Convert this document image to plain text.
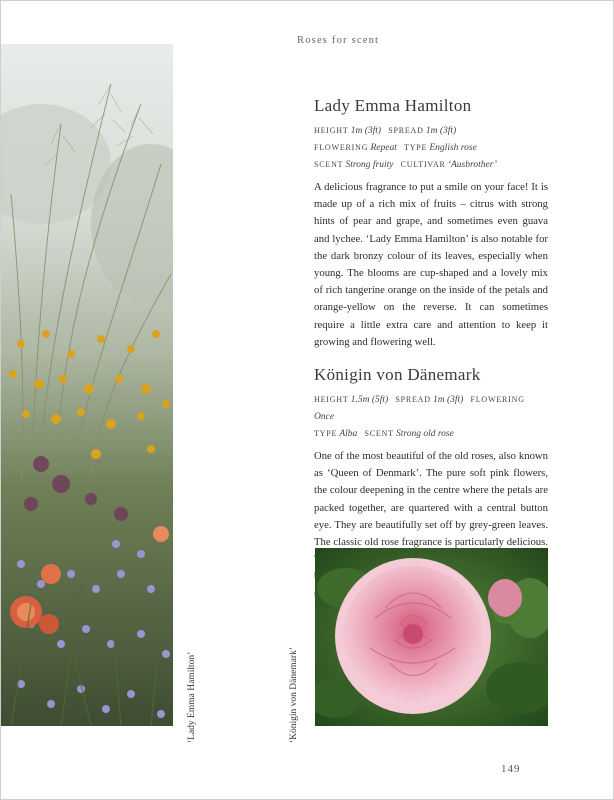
Roses for scent
‘Lady Emma Hamilton’	‘Königin von Dänemark’
Lady Emma Hamilton
HEIGHT 1m (3ft) SPREAD 1m (3ft)
FLOWERING Repeat TYPE English rose
SCENT Strong fruity CULTIVAR ‘Ausbrother’

A delicious fragrance to put a smile on your face! It is made up of a rich mix of fruits – citrus with strong hints of pear and grape, and sometimes even guava and lychee. ‘Lady Emma Hamilton’ is also notable for the dark bronzy colour of its leaves, especially when young. The blooms are cup-shaped and a lovely mix of rich tangerine orange on the inside of the petals and orange-yellow on the reverse. It can sometimes require a little extra care and attention to keep it growing and flowering well.

Königin von Dänemark
HEIGHT 1.5m (5ft) SPREAD 1m (3ft) FLOWERING Once
TYPE Alba SCENT Strong old rose

One of the most beautiful of the old roses, also known as ‘Queen of Denmark’. The pure soft pink flowers, the colour deepening in the centre where the petals are packed together, are quartered with a central button eye. They are beautifully set off by grey-green leaves. The classic old rose fragrance is particularly delicious.

149
